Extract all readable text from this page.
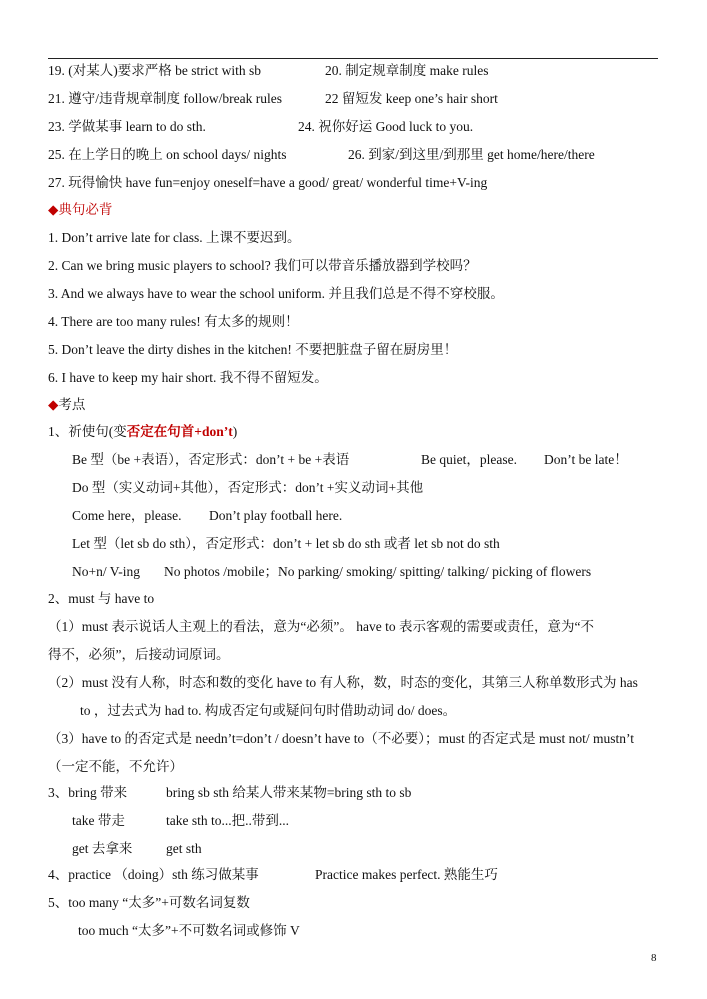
19. (对某人)要求严格 be strict with sb	20. 制定规章制度 make rules
21. 遵守/违背规章制度 follow/break rules	22 留短发 keep one’s hair short
23. 学做某事 learn to do sth.	24. 祝你好运 Good luck to you.
25. 在上学日的晚上 on school days/ nights	26. 到家/到这里/到那里 get home/here/there
27. 玩得愉快 have fun=enjoy oneself=have a good/ great/ wonderful time+V-ing
◆典句必背
1. Don’t arrive late for class. 上课不要迟到。
2. Can we bring music players to school? 我们可以带音乐播放器到学校吗？
3. And we always have to wear the school uniform. 并且我们总是不得不穿校服。
4. There are too many rules! 有太多的规则！
5. Don’t leave the dirty dishes in the kitchen! 不要把脏盘子留在厨房里！
6. I have to keep my hair short. 我不得不留短发。
◆考点
1、祈使句(变否定在句首+don’t)
Be 型（be +表语），否定形式：don’t + be +表语	Be quiet，please. Don’t be late！
Do 型（实义动词+其他），否定形式：don’t +实义动词+其他
Come here，please. Don’t play football here.
Let 型（let sb do sth），否定形式：don’t + let sb do sth 或者 let sb not do sth
No+n/ V-ing No photos /mobile；No parking/ smoking/ spitting/ talking/ picking of flowers
2、must 与 have to
（1）must 表示说话人主观上的看法，意为“必须”。 have to 表示客观的需要或责任，意为“不
得不，必须”，后接动词原词。
（2）must 没有人称，时态和数的变化 have to 有人称，数，时态的变化，其第三人称单数形式为 has
to ，过去式为 had to. 构成否定句或疑问句时借助动词 do/ does。
（3）have to 的否定式是 needn’t=don’t / doesn’t have to（不必要）；must 的否定式是 must not/ mustn’t
（一定不能，不允许）
3、bring 带来	bring sb sth 给某人带来某物=bring sth to sb
take 带走	take sth to...把..带到...
get 去拿来 get sth
4、practice （doing）sth 练习做某事	Practice makes perfect. 熟能生巧
5、too many “太多”+可数名词复数
too much “太多”+不可数名词或修饰 V
8
